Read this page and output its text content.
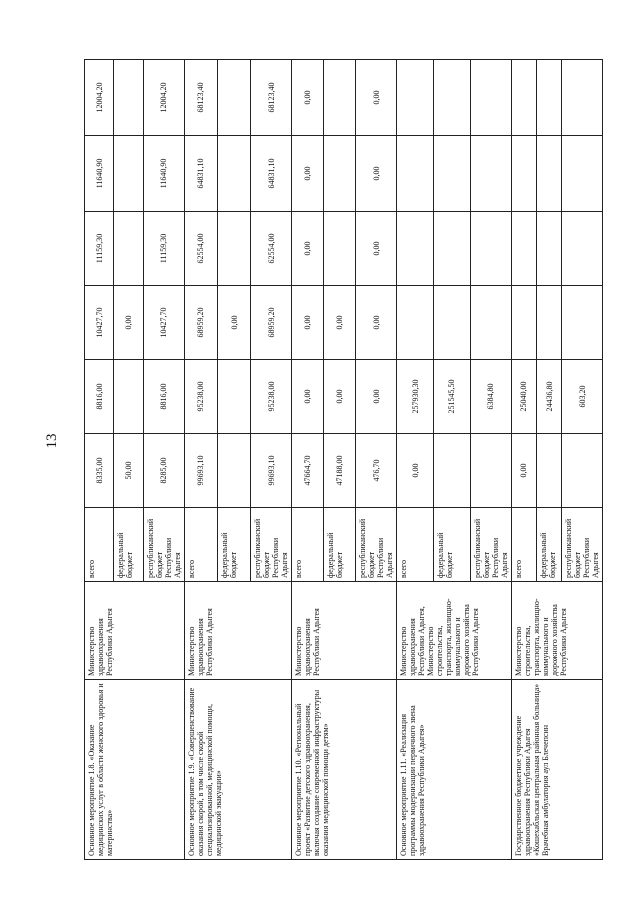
13
Основное мероприятие 1.8. «Оказание медицинских услуг в области женского здоровья и материнства»	Министерство здравоохранения Республики Адыгея	всего	8335,00	8816,00	10427,70	11159,30	11640,90	12004,20
		федеральный бюджет	50,00		0,00			
		республиканский бюджет Республики Адыгея	8285,00	8816,00	10427,70	11159,30	11640,90	12004,20
Основное мероприятие 1.9. «Совершенствование оказания скорой, в том числе скорой специализированной, медицинской помощи, медицинской эвакуации»	Министерство здравоохранения Республики Адыгея	всего	99693,10	95238,00	68959,20	62554,00	64831,10	68123,40
		федеральный бюджет			0,00			
		республиканский бюджет Республики Адыгея	99693,10	95238,00	68959,20	62554,00	64831,10	68123,40
Основное мероприятие 1.10. «Региональный проект «Развитие детского здравоохранения, включая создание современной инфраструктуры оказания медицинской помощи детям»	Министерство здравоохранения Республики Адыгея	всего	47664,70	0,00	0,00	0,00	0,00	0,00
		федеральный бюджет	47188,00	0,00	0,00			
		республиканский бюджет Республики Адыгея	476,70	0,00	0,00	0,00	0,00	0,00
Основное мероприятие 1.11. «Реализация программы модернизации первичного звена здравоохранения Республики Адыгея»	Министерство здравоохранения Республики Адыгея, Министерство строительства, транспорта, жилищно-коммунального и дорожного хозяйства Республики Адыгея	всего	0,00	257930,30				
		федеральный бюджет		251545,50				
		республиканский бюджет Республики Адыгея		6384,80				
Государственное бюджетное учреждение здравоохранения Республики Адыгея «Кошехабльская центральная районная больница» Врачебная амбулатория аул Блечепсин	Министерство строительства, транспорта, жилищно-коммунального и дорожного хозяйства Республики Адыгея	всего	0,00	25040,00				
		федеральный бюджет		24436,80				
		республиканский бюджет Республики Адыгея		603,20				
